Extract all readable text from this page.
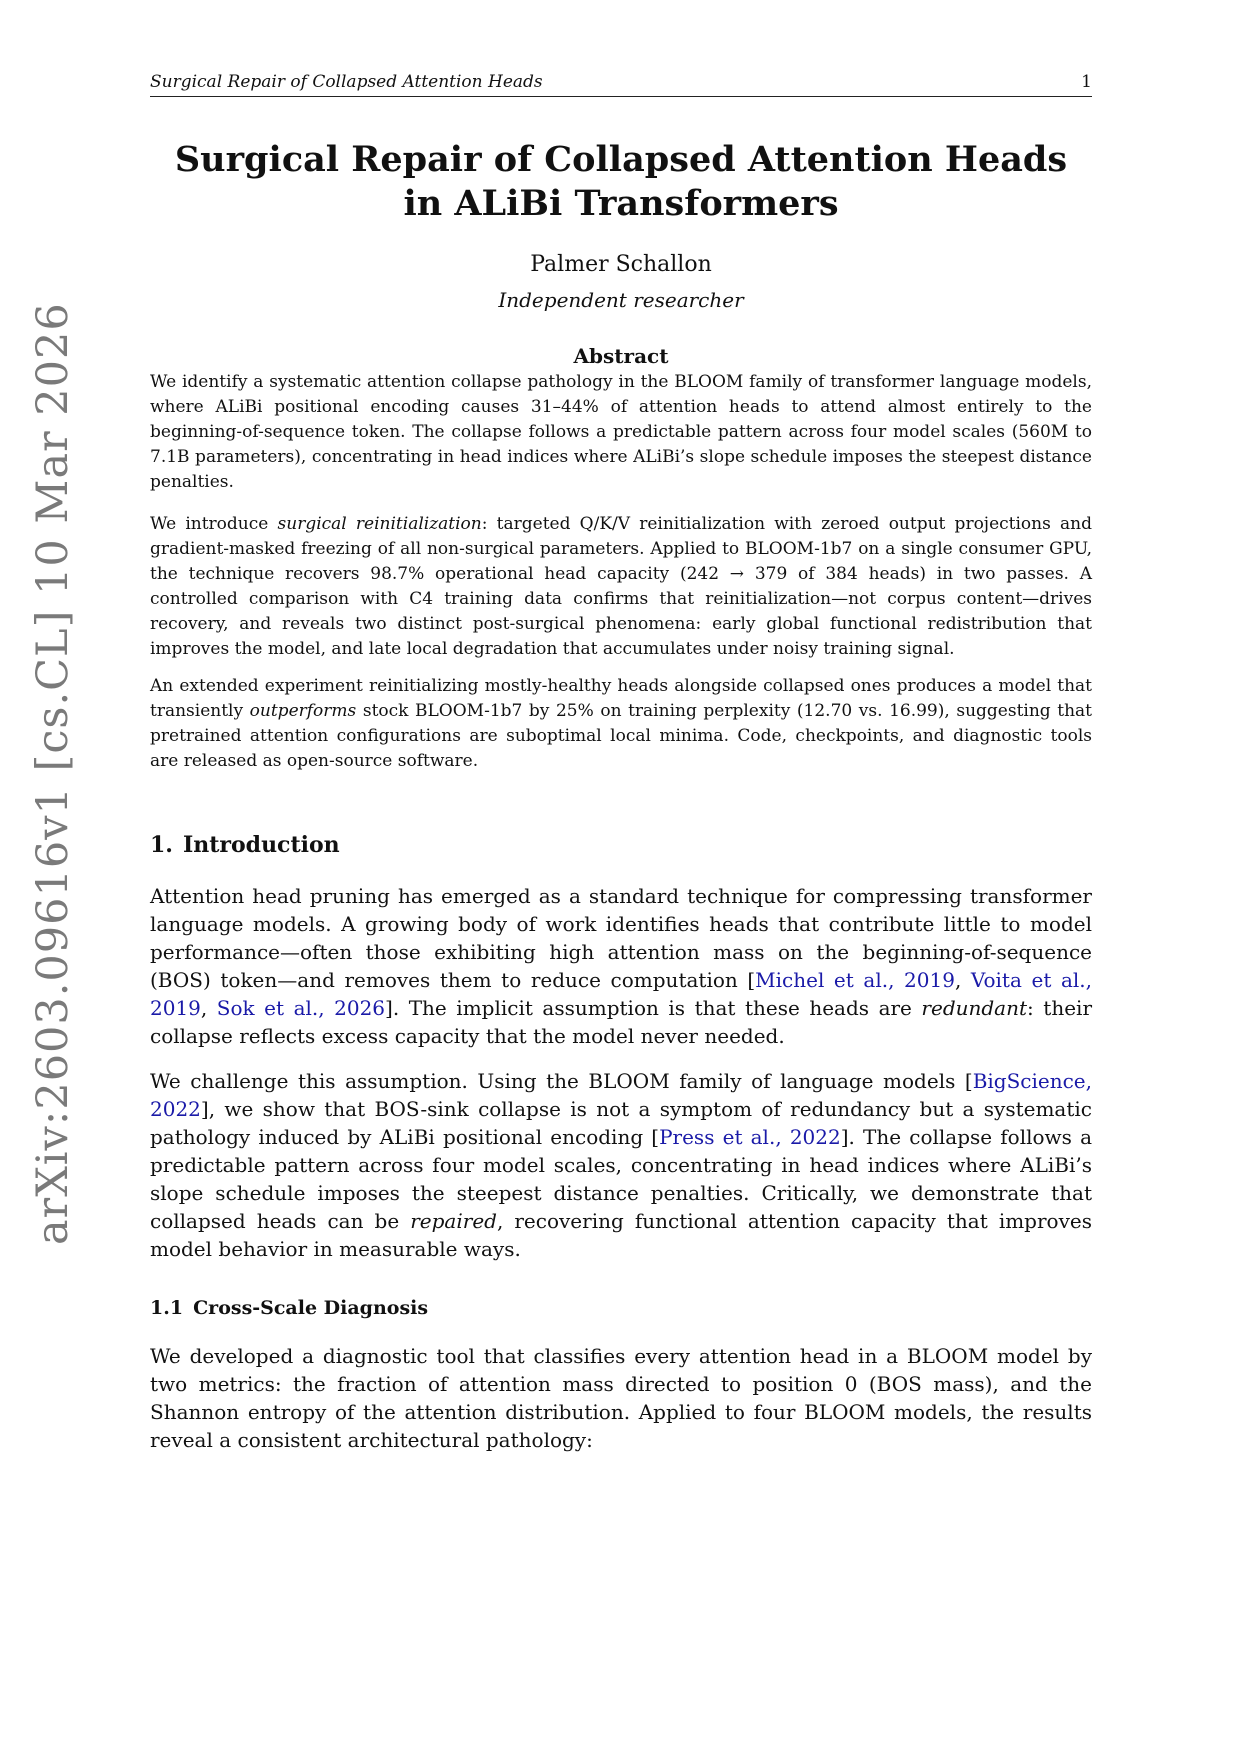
Surgical Repair of Collapsed Attention Heads	1
arXiv:2603.09616v1 [cs.CL] 10 Mar 2026
Surgical Repair of Collapsed Attention Heads
in ALiBi Transformers
Palmer Schallon
Independent researcher
Abstract

We identify a systematic attention collapse pathology in the BLOOM family of transformer language models, where ALiBi positional encoding causes 31–44% of attention heads to attend almost entirely to the beginning-of-sequence token. The collapse follows a predictable pattern across four model scales (560M to 7.1B parameters), concentrating in head indices where ALiBi’s slope schedule imposes the steepest distance penalties.

We introduce surgical reinitialization: targeted Q/K/V reinitialization with zeroed output projections and gradient-masked freezing of all non-surgical parameters. Applied to BLOOM-1b7 on a single consumer GPU, the technique recovers 98.7% operational head capacity (242 → 379 of 384 heads) in two passes. A controlled comparison with C4 training data confirms that reinitialization—not corpus content—drives recovery, and reveals two distinct post-surgical phenomena: early global functional redistribution that improves the model, and late local degradation that accumulates under noisy training signal.

An extended experiment reinitializing mostly-healthy heads alongside collapsed ones produces a model that transiently outperforms stock BLOOM-1b7 by 25% on training perplexity (12.70 vs. 16.99), suggesting that pretrained attention configurations are suboptimal local minima. Code, checkpoints, and diagnostic tools are released as open-source software.

1. Introduction

Attention head pruning has emerged as a standard technique for compressing transformer language models. A growing body of work identifies heads that contribute little to model performance—often those exhibiting high attention mass on the beginning-of-sequence (BOS) token—and removes them to reduce computation [Michel et al., 2019, Voita et al., 2019, Sok et al., 2026]. The implicit assumption is that these heads are redundant: their collapse reflects excess capacity that the model never needed.

We challenge this assumption. Using the BLOOM family of language models [BigScience, 2022], we show that BOS-sink collapse is not a symptom of redundancy but a systematic pathology induced by ALiBi positional encoding [Press et al., 2022]. The collapse follows a predictable pattern across four model scales, concentrating in head indices where ALiBi’s slope schedule imposes the steepest distance penalties. Critically, we demonstrate that collapsed heads can be repaired, recovering functional attention capacity that improves model behavior in measurable ways.

1.1 Cross-Scale Diagnosis

We developed a diagnostic tool that classifies every attention head in a BLOOM model by two metrics: the fraction of attention mass directed to position 0 (BOS mass), and the Shannon entropy of the attention distribution. Applied to four BLOOM models, the results reveal a consistent architectural pathology:
